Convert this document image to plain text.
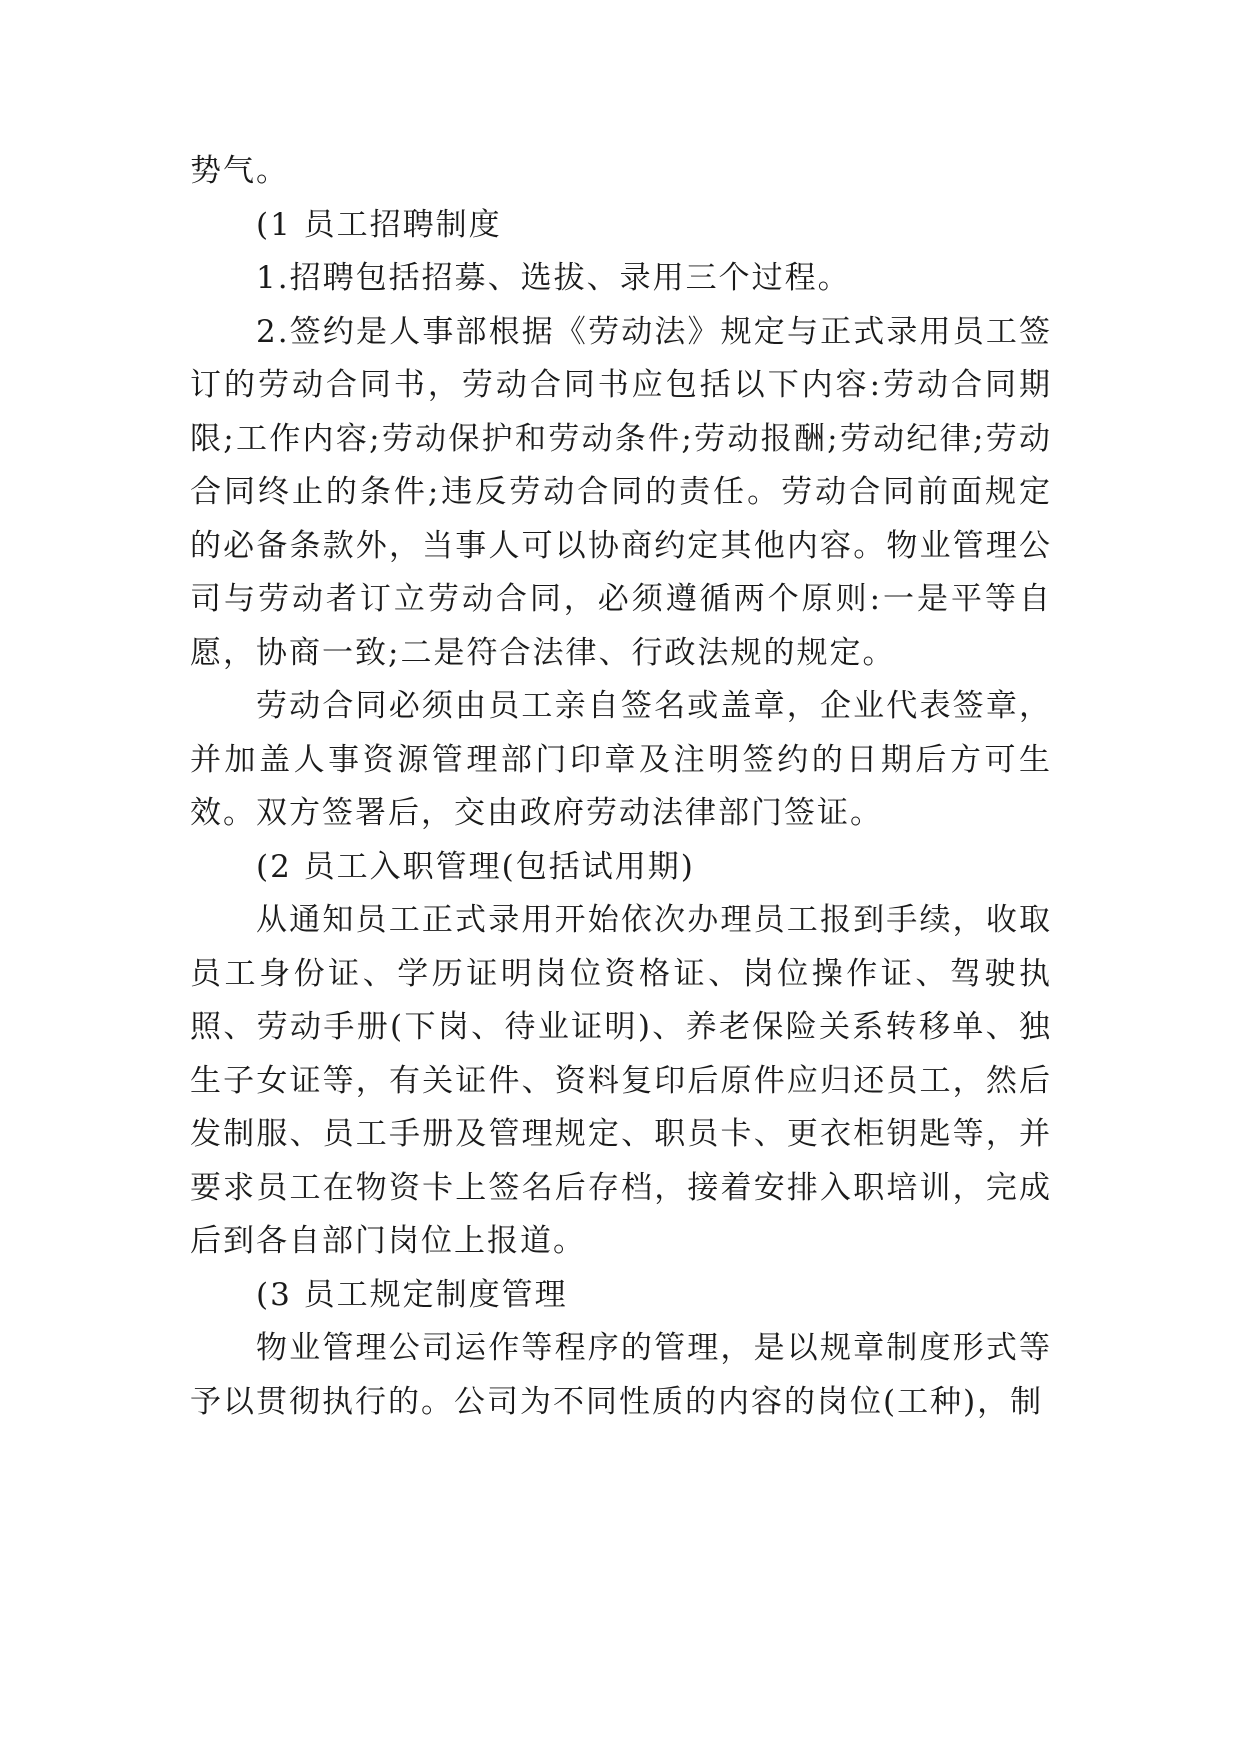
势气。

(1 员工招聘制度

1.招聘包括招募、选拔、录用三个过程。

2.签约是人事部根据《劳动法》规定与正式录用员工签订的劳动合同书，劳动合同书应包括以下内容:劳动合同期限;工作内容;劳动保护和劳动条件;劳动报酬;劳动纪律;劳动合同终止的条件;违反劳动合同的责任。劳动合同前面规定的必备条款外，当事人可以协商约定其他内容。物业管理公司与劳动者订立劳动合同，必须遵循两个原则:一是平等自愿，协商一致;二是符合法律、行政法规的规定。

劳动合同必须由员工亲自签名或盖章，企业代表签章，并加盖人事资源管理部门印章及注明签约的日期后方可生效。双方签署后，交由政府劳动法律部门签证。

(2 员工入职管理(包括试用期)

从通知员工正式录用开始依次办理员工报到手续，收取员工身份证、学历证明岗位资格证、岗位操作证、驾驶执照、劳动手册(下岗、待业证明)、养老保险关系转移单、独生子女证等，有关证件、资料复印后原件应归还员工，然后发制服、员工手册及管理规定、职员卡、更衣柜钥匙等，并要求员工在物资卡上签名后存档，接着安排入职培训，完成后到各自部门岗位上报道。

(3 员工规定制度管理

物业管理公司运作等程序的管理，是以规章制度形式等予以贯彻执行的。公司为不同性质的内容的岗位(工种)，制
